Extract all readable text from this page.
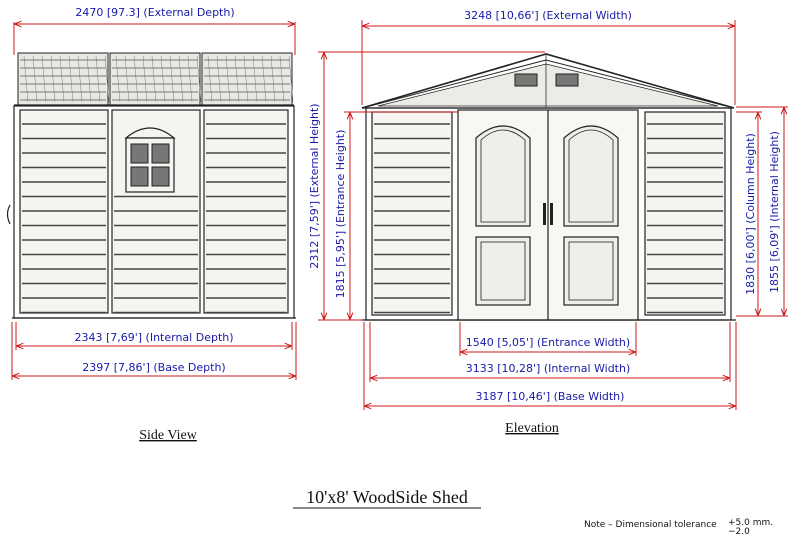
2470 [97.3] (External Depth)
2343 [7,69'] (Internal Depth)
2397 [7,86'] (Base Depth)
Side View
3248 [10,66'] (External Width)
2312 [7,59'] (External Height) 1815 [5,95'] (Entrance Height)	1830 [6,00'] (Column Height) 1855 [6,09'] (Internal Height)
1540 [5,05'] (Entrance Width)
3133 [10,28'] (Internal Width)
3187 [10,46'] (Base Width)
Elevation
10'x8' WoodSide Shed
Note – Dimensional tolerance +5.0 mm.
−2.0
